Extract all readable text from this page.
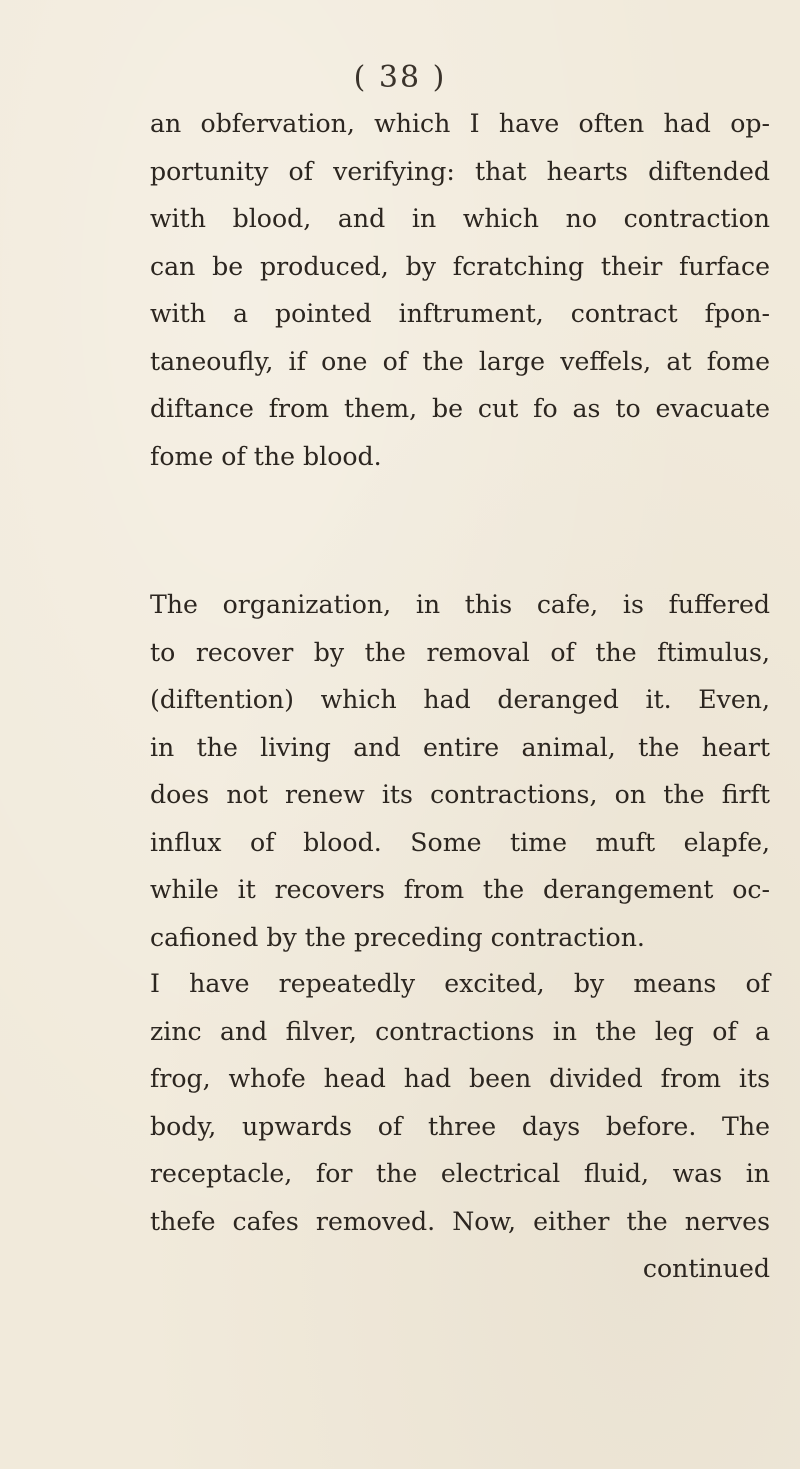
( 38 )
an obfervation, which I have often had op-
portunity of verifying: that hearts diftended
with blood, and in which no contraction
can be produced, by fcratching their furface
with a pointed inftrument, contract fpon-
taneoufly, if one of the large veffels, at fome
diftance from them, be cut fo as to evacuate
fome of the blood.
The organization, in this cafe, is fuffered
to recover by the removal of the ftimulus,
(diftention) which had deranged it. Even,
in the living and entire animal, the heart
does not renew its contractions, on the firft
influx of blood. Some time muft elapfe,
while it recovers from the derangement oc-
cafioned by the preceding contraction.
I have repeatedly excited, by means of
zinc and filver, contractions in the leg of a
frog, whofe head had been divided from its
body, upwards of three days before. The
receptacle, for the electrical fluid, was in
thefe cafes removed. Now, either the nerves
continued
